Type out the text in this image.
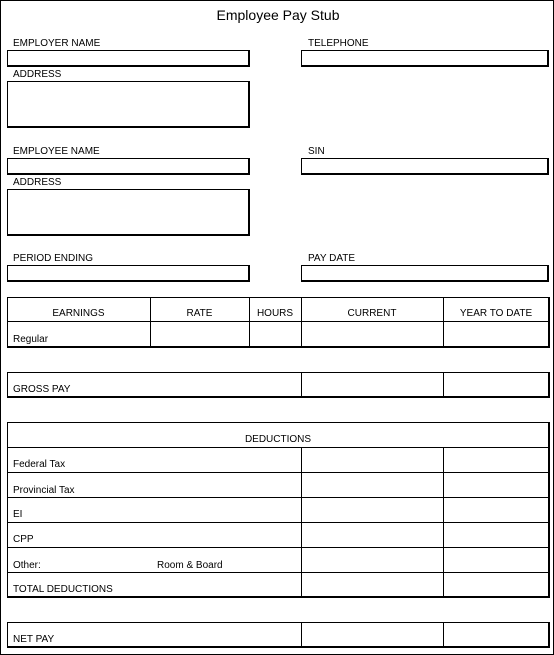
Employee Pay Stub
EMPLOYER NAME	TELEPHONE
ADDRESS
EMPLOYEE NAME	SIN
ADDRESS
PERIOD ENDING	PAY DATE
EARNINGS	RATE	HOURS	CURRENT	YEAR TO DATE
Regular
GROSS PAY
DEDUCTIONS
Federal Tax
Provincial Tax
EI
CPP
Other:	Room & Board
TOTAL DEDUCTIONS
NET PAY
